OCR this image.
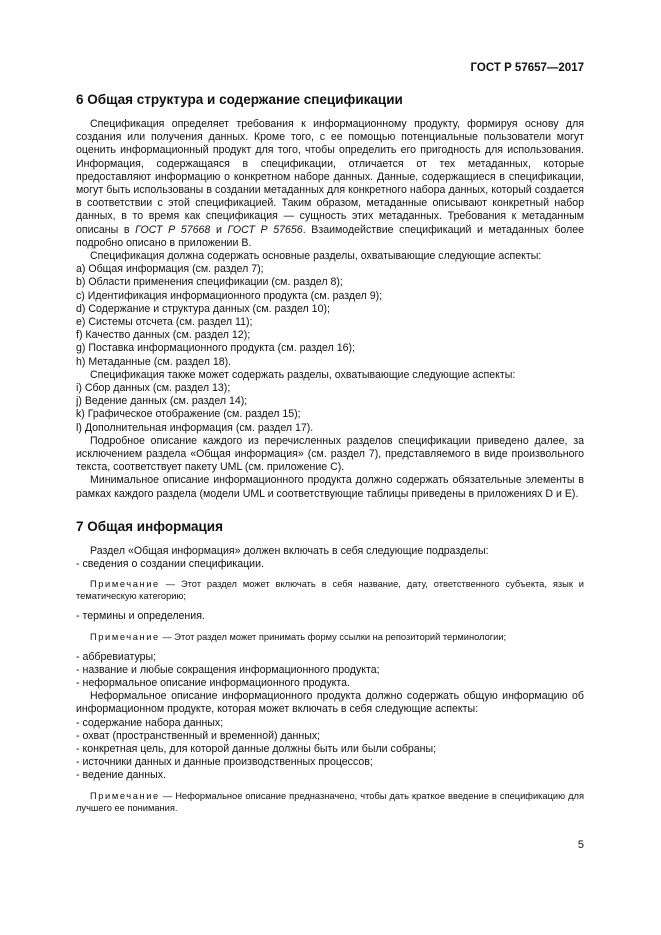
ГОСТ Р 57657—2017
6 Общая структура и содержание спецификации

Спецификация определяет требования к информационному продукту, формируя основу для создания или получения данных. Кроме того, с ее помощью потенциальные пользователи могут оценить информационный продукт для того, чтобы определить его пригодность для использования. Информация, содержащаяся в спецификации, отличается от тех метаданных, которые предоставляют информацию о конкретном наборе данных. Данные, содержащиеся в спецификации, могут быть использованы в создании метаданных для конкретного набора данных, который создается в соответствии с этой спецификацией. Таким образом, метаданные описывают конкретный набор данных, в то время как спецификация — сущность этих метаданных. Требования к метаданным описаны в ГОСТ Р 57668 и ГОСТ Р 57656. Взаимодействие спецификаций и метаданных более подробно описано в приложении В.

Спецификация должна содержать основные разделы, охватывающие следующие аспекты:

a) Общая информация (см. раздел 7);

b) Области применения спецификации (см. раздел 8);

c) Идентификация информационного продукта (см. раздел 9);

d) Содержание и структура данных (см. раздел 10);

e) Системы отсчета (см. раздел 11);

f) Качество данных (см. раздел 12);

g) Поставка информационного продукта (см. раздел 16);

h) Метаданные (см. раздел 18).

Спецификация также может содержать разделы, охватывающие следующие аспекты:

i) Сбор данных (см. раздел 13);

j) Ведение данных (см. раздел 14);

k) Графическое отображение (см. раздел 15);

l) Дополнительная информация (см. раздел 17).

Подробное описание каждого из перечисленных разделов спецификации приведено далее, за исключением раздела «Общая информация» (см. раздел 7), представляемого в виде произвольного текста, соответствует пакету UML (см. приложение С).

Минимальное описание информационного продукта должно содержать обязательные элементы в рамках каждого раздела (модели UML и соответствующие таблицы приведены в приложениях D и E).

7 Общая информация

Раздел «Общая информация» должен включать в себя следующие подразделы:

- сведения о создании спецификации.

Примечание — Этот раздел может включать в себя название, дату, ответственного субъекта, язык и тематическую категорию;

- термины и определения.

Примечание — Этот раздел может принимать форму ссылки на репозиторий терминологии;

- аббревиатуры;

- название и любые сокращения информационного продукта;

- неформальное описание информационного продукта.

Неформальное описание информационного продукта должно содержать общую информацию об информационном продукте, которая может включать в себя следующие аспекты:

- содержание набора данных;

- охват (пространственный и временной) данных;

- конкретная цель, для которой данные должны быть или были собраны;

- источники данных и данные производственных процессов;

- ведение данных.

Примечание — Неформальное описание предназначено, чтобы дать краткое введение в спецификацию для лучшего ее понимания.

5
